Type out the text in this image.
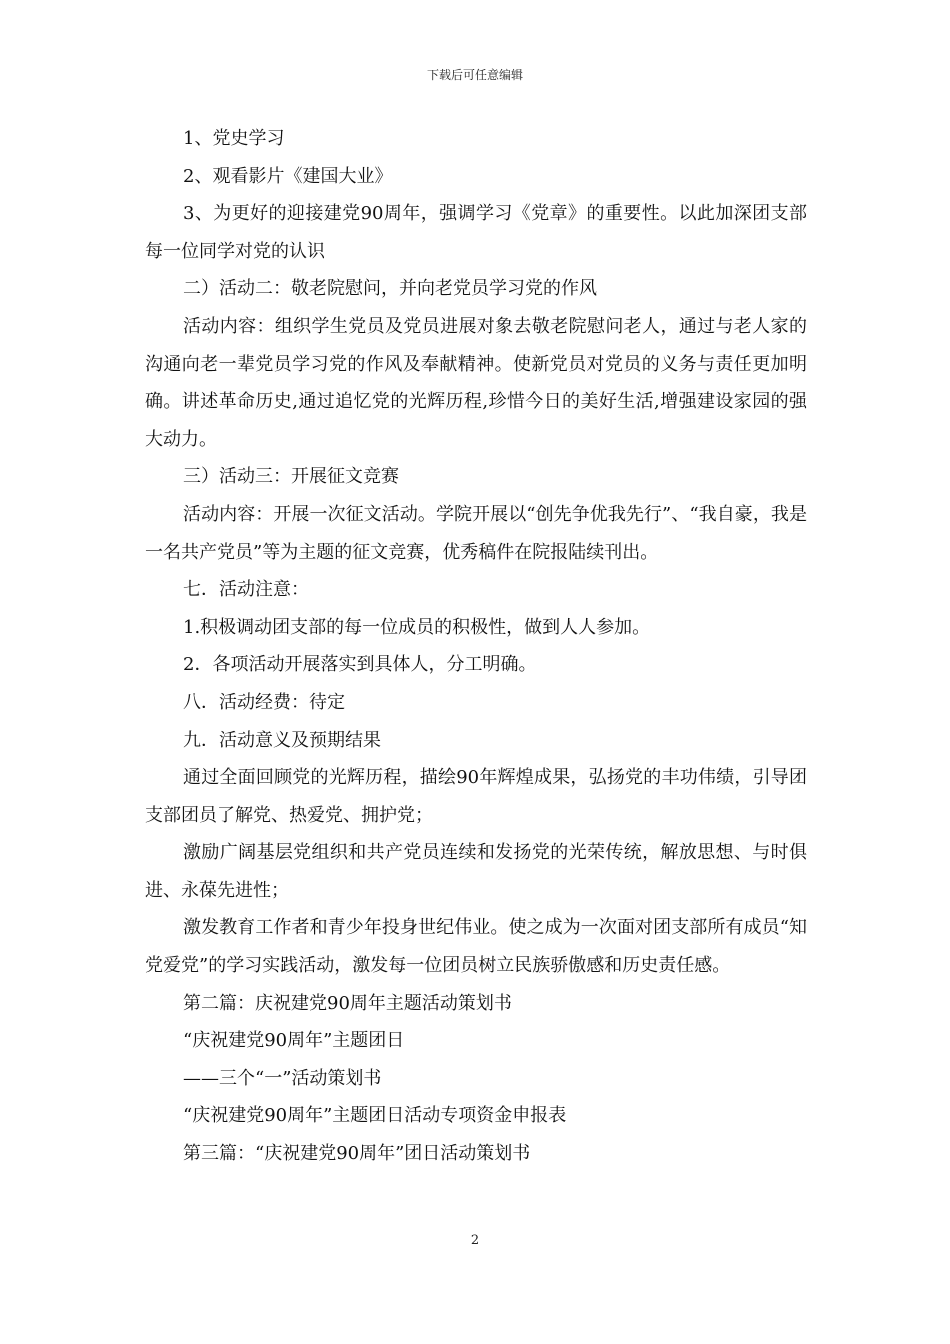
下载后可任意编辑

1、党史学习

2、观看影片《建国大业》

3、为更好的迎接建党90周年，强调学习《党章》的重要性。以此加深团支部每一位同学对党的认识

二）活动二：敬老院慰问，并向老党员学习党的作风

活动内容：组织学生党员及党员进展对象去敬老院慰问老人，通过与老人家的沟通向老一辈党员学习党的作风及奉献精神。使新党员对党员的义务与责任更加明确。讲述革命历史,通过追忆党的光辉历程,珍惜今日的美好生活,增强建设家园的强大动力。

三）活动三：开展征文竞赛

活动内容：开展一次征文活动。学院开展以“创先争优我先行”、“我自豪，我是一名共产党员”等为主题的征文竞赛，优秀稿件在院报陆续刊出。

七．活动注意：

1.积极调动团支部的每一位成员的积极性，做到人人参加。

2．各项活动开展落实到具体人，分工明确。

八．活动经费：待定

九．活动意义及预期结果

通过全面回顾党的光辉历程，描绘90年辉煌成果，弘扬党的丰功伟绩，引导团支部团员了解党、热爱党、拥护党；

激励广阔基层党组织和共产党员连续和发扬党的光荣传统，解放思想、与时俱进、永葆先进性；

激发教育工作者和青少年投身世纪伟业。使之成为一次面对团支部所有成员“知党爱党”的学习实践活动，激发每一位团员树立民族骄傲感和历史责任感。

第二篇：庆祝建党90周年主题活动策划书

“庆祝建党90周年”主题团日

——三个“一”活动策划书

“庆祝建党90周年”主题团日活动专项资金申报表

第三篇：“庆祝建党90周年”团日活动策划书

2
